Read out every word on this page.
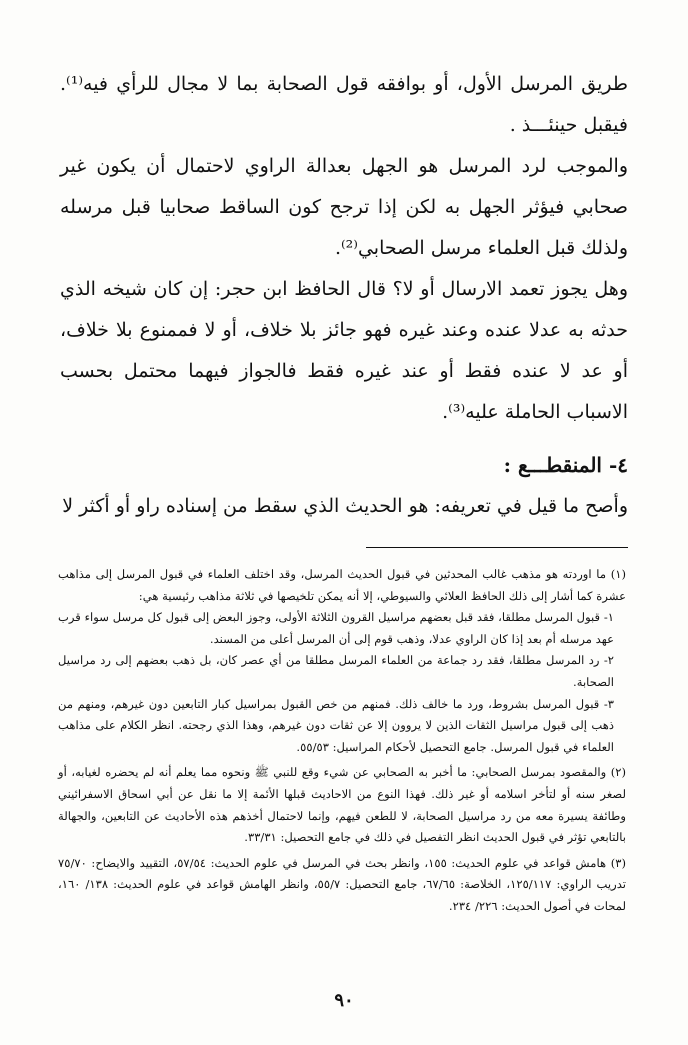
طريق المرسل الأول، أو بوافقه قول الصحابة بما لا مجال للرأي فيه⁽¹⁾. فيقبل حينئـــذ .

والموجب لرد المرسل هو الجهل بعدالة الراوي لاحتمال أن يكون غير صحابي فيؤثر الجهل به لكن إذا ترجح كون الساقط صحابيا قبل مرسله ولذلك قبل العلماء مرسل الصحابي⁽²⁾.

وهل يجوز تعمد الارسال أو لا؟ قال الحافظ ابن حجر: إن كان شيخه الذي حدثه به عدلا عنده وعند غيره فهو جائز بلا خلاف، أو لا فممنوع بلا خلاف، أو عد لا عنده فقط أو عند غيره فقط فالجواز فيهما محتمل بحسب الاسباب الحاملة عليه⁽³⁾.

٤- المنقطـــع :

وأصح ما قيل في تعريفه: هو الحديث الذي سقط من إسناده راو أو أكثر لا

(١) ما اوردته هو مذهب غالب المحدثين في قبول الحديث المرسل، وقد اختلف العلماء في قبول المرسل إلى مذاهب عشرة كما أشار إلى ذلك الحافظ العلائي والسيوطي، إلا أنه يمكن تلخيصها في ثلاثة مذاهب رئيسية هي:
١- قبول المرسل مطلقا، فقد قبل بعضهم مراسيل القرون الثلاثة الأولى، وجوز البعض إلى قبول كل مرسل سواء قرب عهد مرسله أم بعد إذا كان الراوي عدلا، وذهب قوم إلى أن المرسل أعلى من المسند.
٢- رد المرسل مطلقا، فقد رد جماعة من العلماء المرسل مطلقا من أي عصر كان، بل ذهب بعضهم إلى رد مراسيل الصحابة.
٣- قبول المرسل بشروط، ورد ما خالف ذلك. فمنهم من خص القبول بمراسيل كبار التابعين دون غيرهم، ومنهم من ذهب إلى قبول مراسيل الثقات الذين لا يروون إلا عن ثقات دون غيرهم، وهذا الذي رجحته. انظر الكلام على مذاهب العلماء في قبول المرسل. جامع التحصيل لأحكام المراسيل: ٥٥/٥٣.

(٢) والمقصود بمرسل الصحابي: ما أخبر به الصحابي عن شيء وقع للنبي ﷺ ونحوه مما يعلم أنه لم يحضره لغيابه، أو لصغر سنه أو لتأخر اسلامه أو غير ذلك. فهذا النوع من الاحاديث قبلها الأئمة إلا ما نقل عن أبي اسحاق الاسفرائيني وطائفة يسيرة معه من رد مراسيل الصحابة، لا للطعن فيهم، وإنما لاحتمال أخذهم هذه الأحاديث عن التابعين، والجهالة بالتابعي تؤثر في قبول الحديث انظر التفصيل في ذلك في جامع التحصيل: ٣٣/٣١.

(٣) هامش قواعد في علوم الحديث: ١٥٥، وانظر بحث في المرسل في علوم الحديث: ٥٧/٥٤، التقييد والايضاح: ٧٥/٧٠ تدريب الراوي: ١٢٥/١١٧، الخلاصة: ٦٧/٦٥، جامع التحصيل: ٥٥/٧، وانظر الهامش قواعد في علوم الحديث: ١٣٨/ ١٦٠، لمحات في أصول الحديث: ٢٢٦/ ٢٣٤.

٩٠
